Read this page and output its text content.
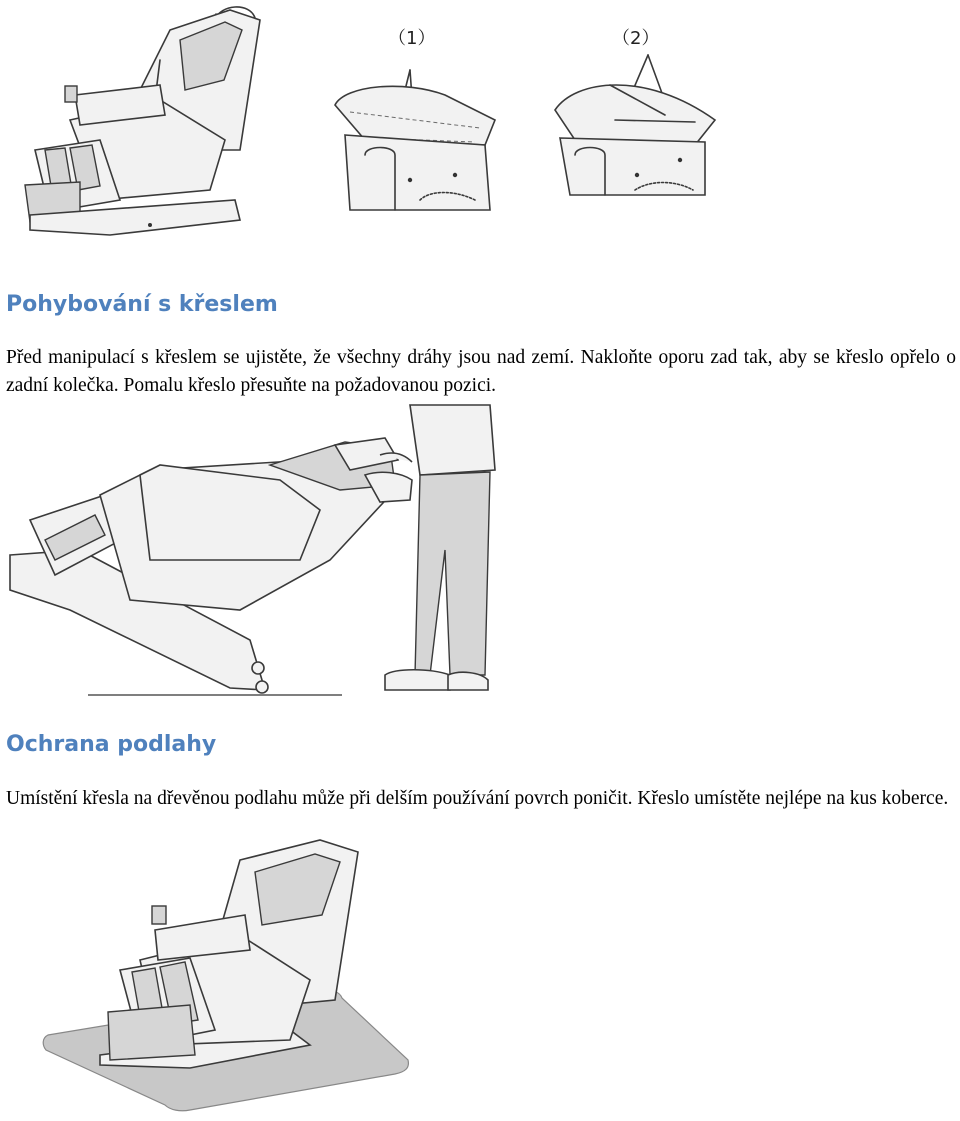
（1）	（2）
Pohybování s křeslem

Před manipulací s křeslem se ujistěte, že všechny dráhy jsou nad zemí. Nakloňte oporu zad tak, aby se křeslo opřelo o zadní kolečka. Pomalu křeslo přesuňte na požadovanou pozici.

Ochrana podlahy

Umístění křesla na dřevěnou podlahu může při delším používání povrch poničit. Křeslo umístěte nejlépe na kus koberce.
